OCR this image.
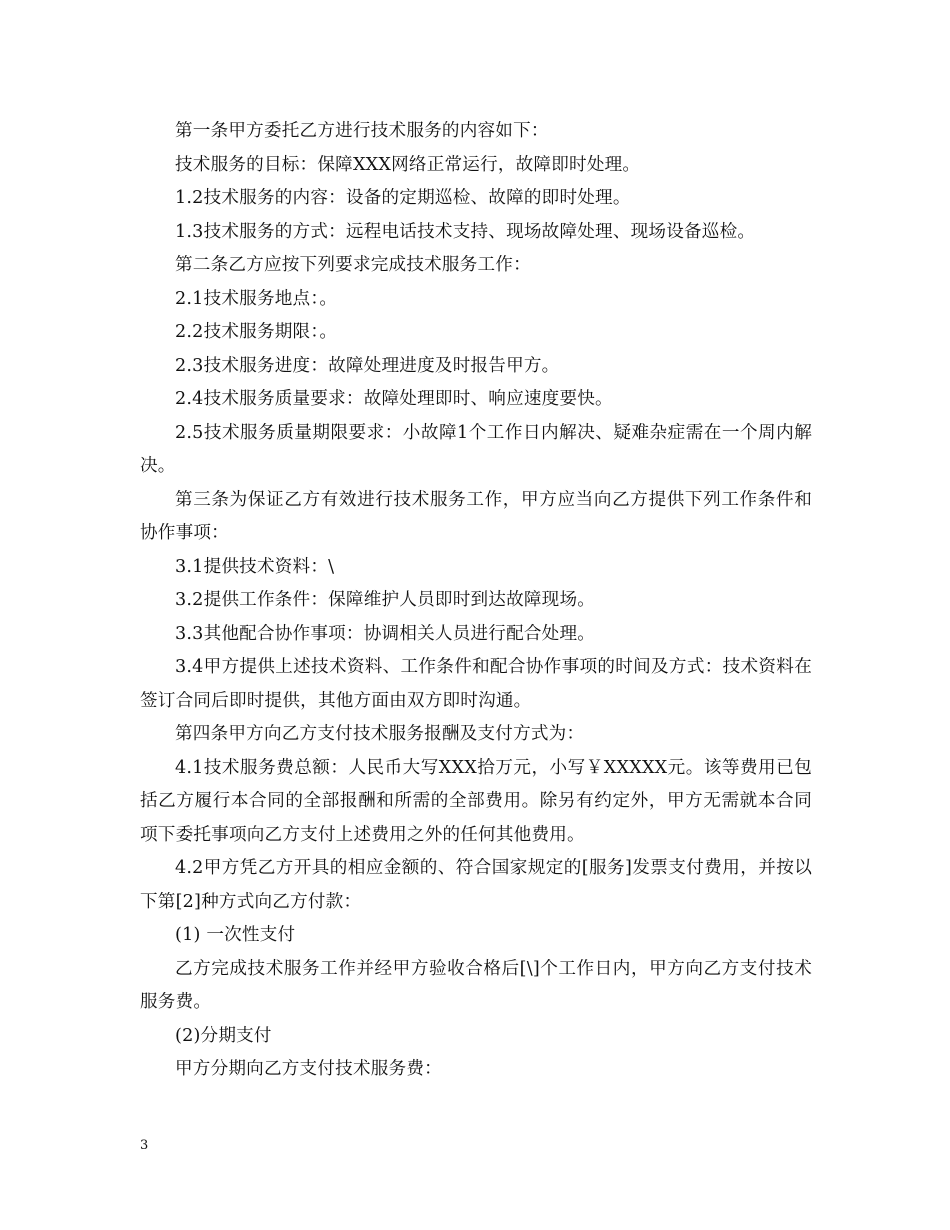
第一条甲方委托乙方进行技术服务的内容如下：

技术服务的目标：保障XXX网络正常运行，故障即时处理。

1.2技术服务的内容：设备的定期巡检、故障的即时处理。

1.3技术服务的方式：远程电话技术支持、现场故障处理、现场设备巡检。

第二条乙方应按下列要求完成技术服务工作：

2.1技术服务地点：。

2.2技术服务期限：。

2.3技术服务进度：故障处理进度及时报告甲方。

2.4技术服务质量要求：故障处理即时、响应速度要快。

2.5技术服务质量期限要求：小故障1个工作日内解决、疑难杂症需在一个周内解决。

第三条为保证乙方有效进行技术服务工作，甲方应当向乙方提供下列工作条件和协作事项：

3.1提供技术资料：\

3.2提供工作条件：保障维护人员即时到达故障现场。

3.3其他配合协作事项：协调相关人员进行配合处理。

3.4甲方提供上述技术资料、工作条件和配合协作事项的时间及方式：技术资料在签订合同后即时提供，其他方面由双方即时沟通。

第四条甲方向乙方支付技术服务报酬及支付方式为：

4.1技术服务费总额：人民币大写XXX拾万元，小写￥XXXXX元。该等费用已包括乙方履行本合同的全部报酬和所需的全部费用。除另有约定外，甲方无需就本合同项下委托事项向乙方支付上述费用之外的任何其他费用。

4.2甲方凭乙方开具的相应金额的、符合国家规定的[服务]发票支付费用，并按以下第[2]种方式向乙方付款：

(1) 一次性支付

乙方完成技术服务工作并经甲方验收合格后[\]个工作日内，甲方向乙方支付技术服务费。

(2)分期支付

甲方分期向乙方支付技术服务费：

3
